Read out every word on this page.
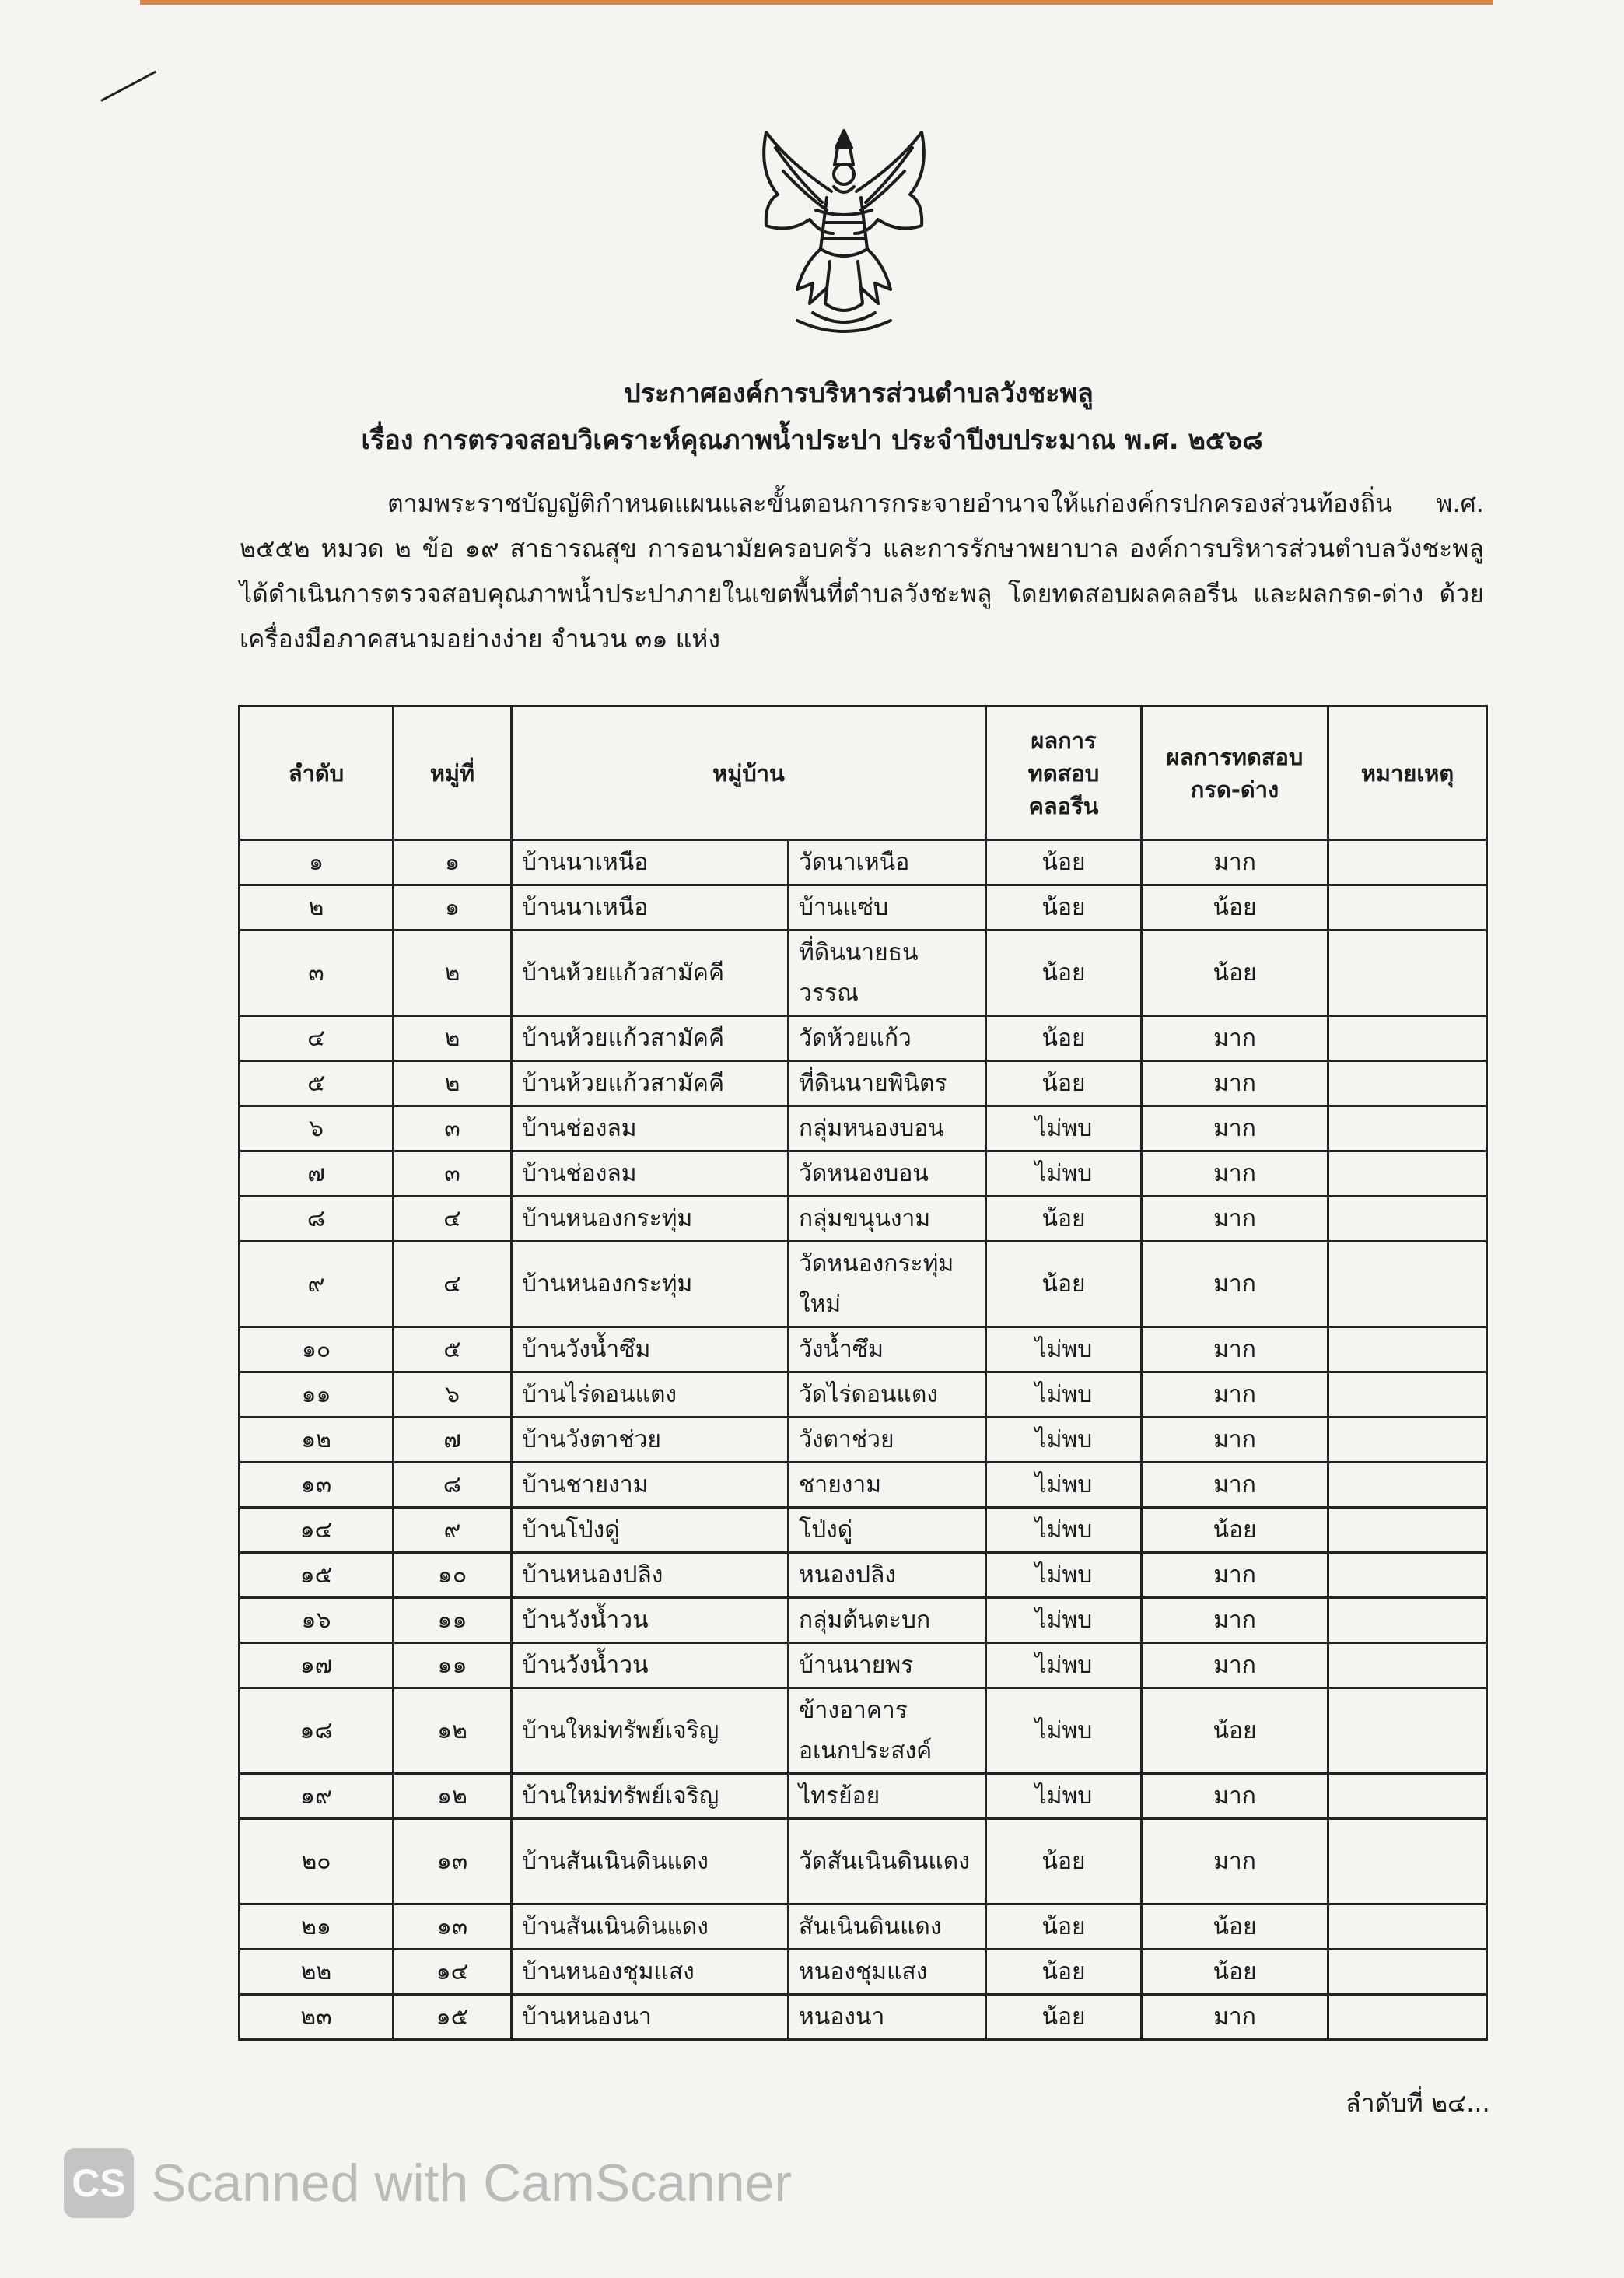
ประกาศองค์การบริหารส่วนตำบลวังชะพลู
เรื่อง การตรวจสอบวิเคราะห์คุณภาพน้ำประปา ประจำปีงบประมาณ พ.ศ. ๒๕๖๘

ตามพระราชบัญญัติกำหนดแผนและขั้นตอนการกระจายอำนาจให้แก่องค์กรปกครองส่วนท้องถิ่น พ.ศ. ๒๕๕๒ หมวด ๒ ข้อ ๑๙ สาธารณสุข การอนามัยครอบครัว และการรักษาพยาบาล องค์การบริหารส่วนตำบลวังชะพลู ได้ดำเนินการตรวจสอบคุณภาพน้ำประปาภายในเขตพื้นที่ตำบลวังชะพลู โดยทดสอบผลคลอรีน และผลกรด-ด่าง ด้วยเครื่องมือภาคสนามอย่างง่าย จำนวน ๓๑ แห่ง

ลำดับ	หมู่ที่	หมู่บ้าน		ผลการทดสอบคลอรีน	ผลการทดสอบกรด-ด่าง	หมายเหตุ
๑	๑	บ้านนาเหนือ	วัดนาเหนือ	น้อย	มาก	
๒	๑	บ้านนาเหนือ	บ้านแซ่บ	น้อย	น้อย	
๓	๒	บ้านห้วยแก้วสามัคคี	ที่ดินนายธนวรรณ	น้อย	น้อย	
๔	๒	บ้านห้วยแก้วสามัคคี	วัดห้วยแก้ว	น้อย	มาก	
๕	๒	บ้านห้วยแก้วสามัคคี	ที่ดินนายพินิตร	น้อย	มาก	
๖	๓	บ้านช่องลม	กลุ่มหนองบอน	ไม่พบ	มาก	
๗	๓	บ้านช่องลม	วัดหนองบอน	ไม่พบ	มาก	
๘	๔	บ้านหนองกระทุ่ม	กลุ่มขนุนงาม	น้อย	มาก	
๙	๔	บ้านหนองกระทุ่ม	วัดหนองกระทุ่มใหม่	น้อย	มาก	
๑๐	๕	บ้านวังน้ำซึม	วังน้ำซึม	ไม่พบ	มาก	
๑๑	๖	บ้านไร่ดอนแตง	วัดไร่ดอนแตง	ไม่พบ	มาก	
๑๒	๗	บ้านวังตาช่วย	วังตาช่วย	ไม่พบ	มาก	
๑๓	๘	บ้านชายงาม	ชายงาม	ไม่พบ	มาก	
๑๔	๙	บ้านโป่งดู่	โป่งดู่	ไม่พบ	น้อย	
๑๕	๑๐	บ้านหนองปลิง	หนองปลิง	ไม่พบ	มาก	
๑๖	๑๑	บ้านวังน้ำวน	กลุ่มต้นตะบก	ไม่พบ	มาก	
๑๗	๑๑	บ้านวังน้ำวน	บ้านนายพร	ไม่พบ	มาก	
๑๘	๑๒	บ้านใหม่ทรัพย์เจริญ	ข้างอาคารอเนกประสงค์	ไม่พบ	น้อย	
๑๙	๑๒	บ้านใหม่ทรัพย์เจริญ	ไทรย้อย	ไม่พบ	มาก	
๒๐	๑๓	บ้านสันเนินดินแดง	วัดสันเนินดินแดง	น้อย	มาก	
๒๑	๑๓	บ้านสันเนินดินแดง	สันเนินดินแดง	น้อย	น้อย	
๒๒	๑๔	บ้านหนองชุมแสง	หนองชุมแสง	น้อย	น้อย	
๒๓	๑๕	บ้านหนองนา	หนองนา	น้อย	มาก	
ลำดับที่ ๒๔...
CS Scanned with CamScanner
